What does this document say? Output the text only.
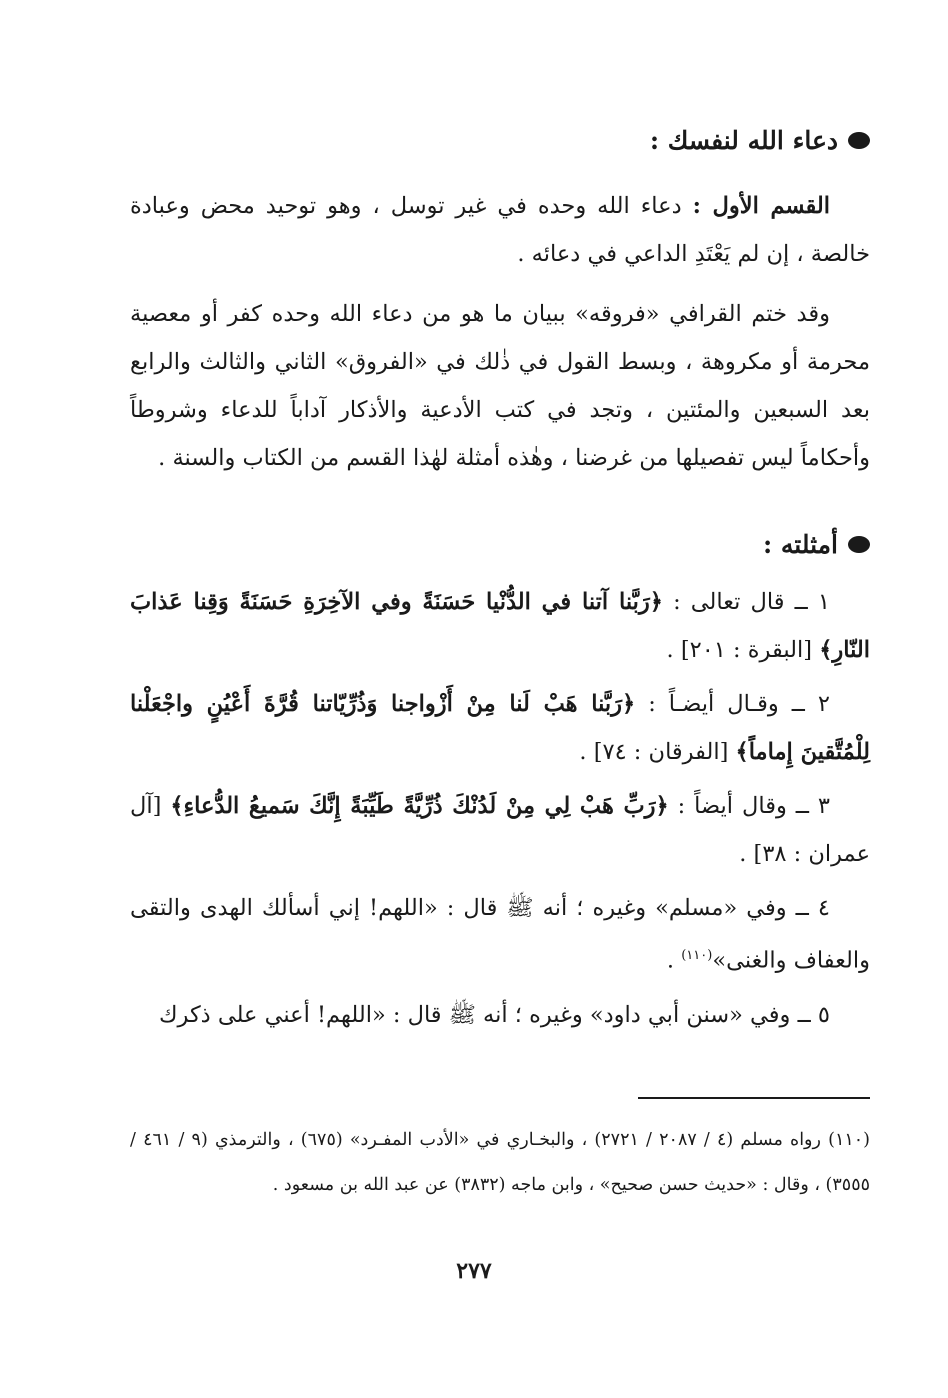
دعاء الله لنفسك :

القسم الأول : دعاء الله وحده في غير توسل ، وهو توحيد محض وعبادة خالصة ، إن لم يَعْتَدِ الداعي في دعائه .

وقد ختم القرافي «فروقه» ببيان ما هو من دعاء الله وحده كفر أو معصية محرمة أو مكروهة ، وبسط القول في ذٰلك في «الفروق» الثاني والثالث والرابع بعد السبعين والمئتين ، وتجد في كتب الأدعية والأذكار آداباً للدعاء وشروطاً وأحكاماً ليس تفصيلها من غرضنا ، وهٰذه أمثلة لهٰذا القسم من الكتاب والسنة .

أمثلته :

١ ــ قال تعالى : ﴿رَبَّنا آتنا في الدُّنْيا حَسَنَةً وفي الآخِرَةِ حَسَنَةً وَقِنا عَذابَ النّارِ﴾ [البقرة : ٢٠١] .

٢ ــ وقـال أيضـاً : ﴿رَبَّنا هَبْ لَنا مِنْ أَزْواجنا وَذُرِّيّاتنا قُرَّةَ أَعْيُنٍ واجْعَلْنا لِلْمُتَّقينَ إِماماً﴾ [الفرقان : ٧٤] .

٣ ــ وقال أيضاً : ﴿رَبِّ هَبْ لِي مِنْ لَدُنْكَ ذُرِّيَّةً طَيِّبَةً إِنَّكَ سَميعُ الدُّعاءِ﴾ [آل عمران : ٣٨] .

٤ ــ وفي «مسلم» وغيره ؛ أنه ﷺ قال : «اللهم! إني أسألك الهدى والتقى والعفاف والغنى»$^{(١١٠)}$ .

٥ ــ وفي «سنن أبي داود» وغيره ؛ أنه ﷺ قال : «اللهم! أعني على ذكرك

(١١٠) رواه مسلم (٤ / ٢٠٨٧ / ٢٧٢١) ، والبخـاري في «الأدب المفـرد» (٦٧٥) ، والترمذي (٩ / ٤٦١ / ٣٥٥٥) ، وقال : «حديث حسن صحيح» ، وابن ماجه (٣٨٣٢) عن عبد الله بن مسعود .
٢٧٧
